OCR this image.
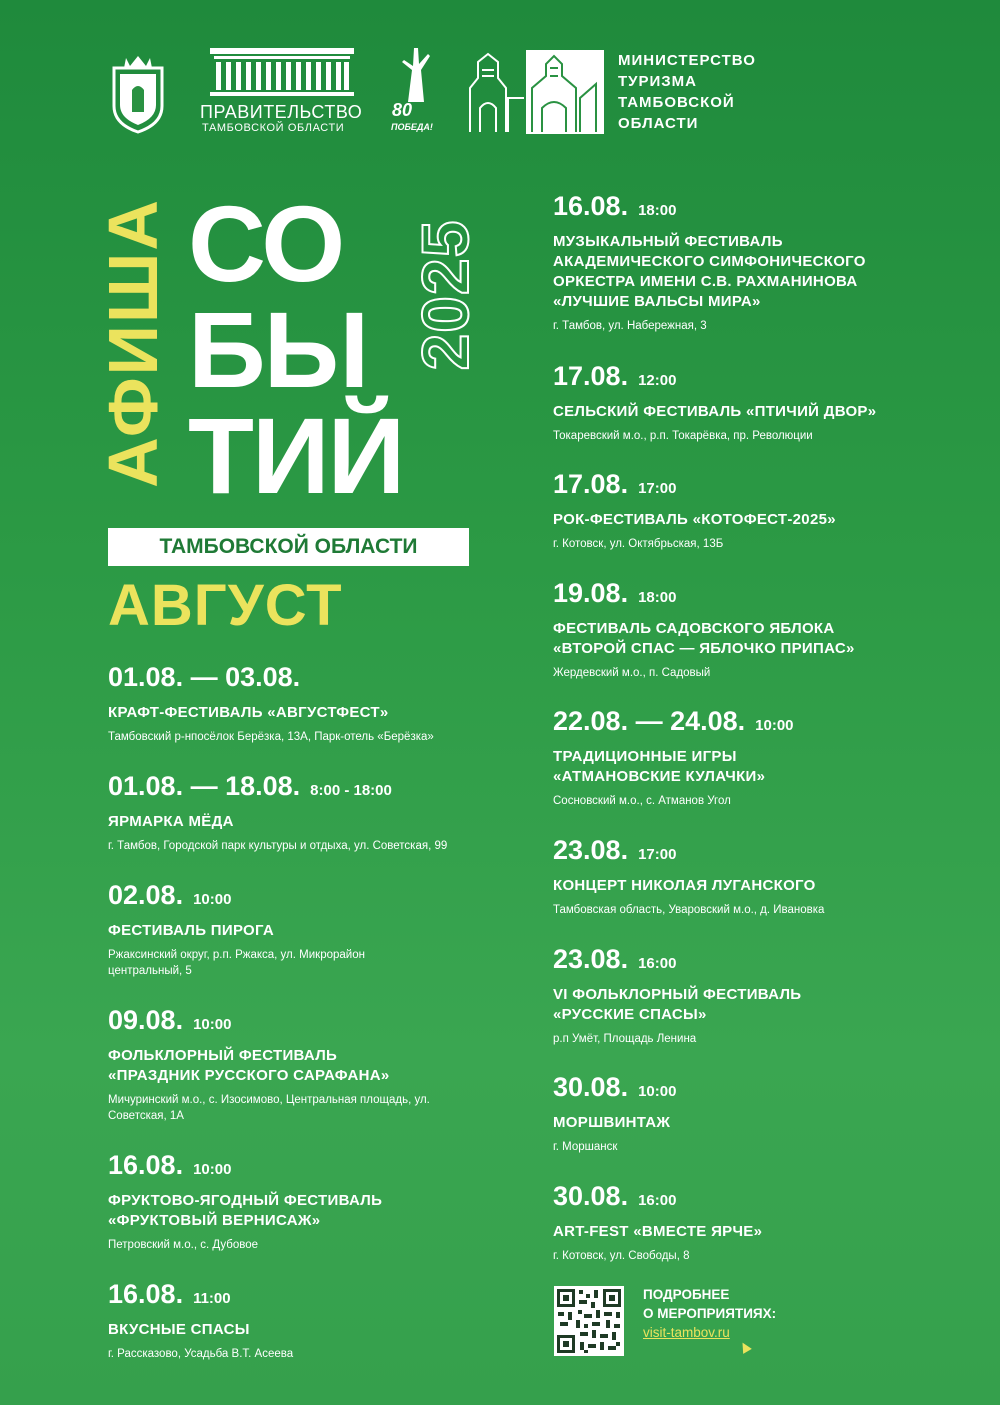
ПРАВИТЕЛЬСТВО
ТАМБОВСКОЙ ОБЛАСТИ
80
ПОБЕДА!
МИНИСТЕРСТВО
ТУРИЗМА
ТАМБОВСКОЙ
ОБЛАСТИ
АФИША СО
БЫ
ТИЙ
2025
ТАМБОВСКОЙ ОБЛАСТИ
АВГУСТ
01.08. — 03.08.
КРАФТ-ФЕСТИВАЛЬ «АВГУСТФЕСТ»
Тамбовский р-нпосёлок Берёзка, 13А, Парк-отель «Берёзка»
01.08. — 18.08. 8:00 - 18:00
ЯРМАРКА МЁДА
г. Тамбов, Городской парк культуры и отдыха, ул. Советская, 99
02.08. 10:00
ФЕСТИВАЛЬ ПИРОГА
Ржаксинский округ, р.п. Ржакса, ул. Микрорайон центральный, 5
09.08. 10:00
ФОЛЬКЛОРНЫЙ ФЕСТИВАЛЬ «ПРАЗДНИК РУССКОГО САРАФАНА»
Мичуринский м.о., с. Изосимово, Центральная площадь, ул. Советская, 1А
16.08. 10:00
ФРУКТОВО-ЯГОДНЫЙ ФЕСТИВАЛЬ «ФРУКТОВЫЙ ВЕРНИСАЖ»
Петровский м.о., с. Дубовое
16.08. 11:00
ВКУСНЫЕ СПАСЫ
г. Рассказово, Усадьба В.Т. Асеева
16.08. 18:00
МУЗЫКАЛЬНЫЙ ФЕСТИВАЛЬ АКАДЕМИЧЕСКОГО СИМФОНИЧЕСКОГО ОРКЕСТРА ИМЕНИ С.В. РАХМАНИНОВА «ЛУЧШИЕ ВАЛЬСЫ МИРА»
г. Тамбов, ул. Набережная, 3
17.08. 12:00
СЕЛЬСКИЙ ФЕСТИВАЛЬ «ПТИЧИЙ ДВОР»
Токаревский м.о., р.п. Токарёвка, пр. Революции
17.08. 17:00
РОК-ФЕСТИВАЛЬ «КОТОФЕСТ-2025»
г. Котовск, ул. Октябрьская, 13Б
19.08. 18:00
ФЕСТИВАЛЬ САДОВСКОГО ЯБЛОКА «ВТОРОЙ СПАС — ЯБЛОЧКО ПРИПАС»
Жердевский м.о., п. Садовый
22.08. — 24.08. 10:00
ТРАДИЦИОННЫЕ ИГРЫ «АТМАНОВСКИЕ КУЛАЧКИ»
Сосновский м.о., с. Атманов Угол
23.08. 17:00
КОНЦЕРТ НИКОЛАЯ ЛУГАНСКОГО
Тамбовская область, Уваровский м.о., д. Ивановка
23.08. 16:00
VI ФОЛЬКЛОРНЫЙ ФЕСТИВАЛЬ «РУССКИЕ СПАСЫ»
р.п Умёт, Площадь Ленина
30.08. 10:00
МОРШВИНТАЖ
г. Моршанск
30.08. 16:00
ART-FEST «ВМЕСТЕ ЯРЧЕ»
г. Котовск, ул. Свободы, 8
ПОДРОБНЕЕ
О МЕРОПРИЯТИЯХ:
visit-tambov.ru
